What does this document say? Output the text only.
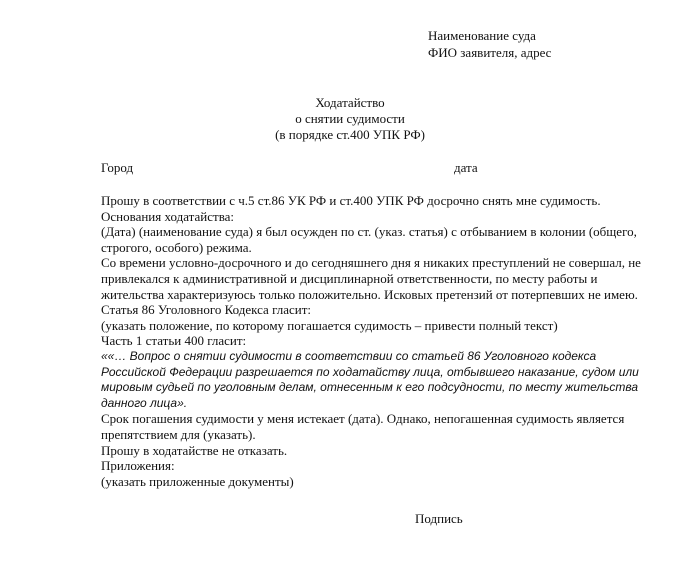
Наименование суда
ФИО заявителя, адрес
Ходатайство
о снятии судимости
(в порядке ст.400 УПК РФ)
Город	дата

Прошу в соответствии с ч.5 ст.86 УК РФ и ст.400 УПК РФ досрочно снять мне судимость.

Основания ходатайства:

(Дата) (наименование суда) я был осужден по ст. (указ. статья) с отбыванием в колонии (общего, строгого, особого) режима.

Со времени условно-досрочного и до сегодняшнего дня я никаких преступлений не совершал, не привлекался к административной и дисциплинарной ответственности, по месту работы и жительства характеризуюсь только положительно. Исковых претензий от потерпевших не имею.

Статья 86 Уголовного Кодекса гласит:

(указать положение, по которому погашается судимость – привести полный текст)

Часть 1 статьи 400 гласит:

««… Вопрос о снятии судимости в соответствии со статьей 86 Уголовного кодекса Российской Федерации разрешается по ходатайству лица, отбывшего наказание, судом или мировым судьей по уголовным делам, отнесенным к его подсудности, по месту жительства данного лица».

Срок погашения судимости у меня истекает (дата). Однако, непогашенная судимость является препятствием для (указать).

Прошу в ходатайстве не отказать.

Приложения:

(указать приложенные документы)

Подпись
